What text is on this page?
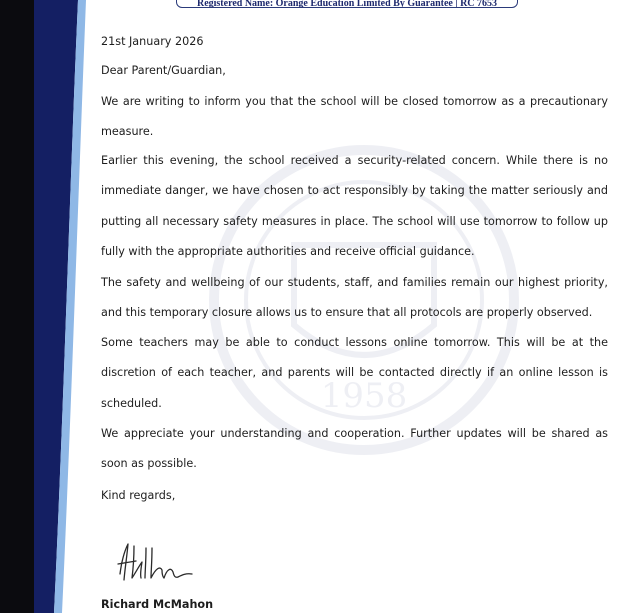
1958
Registered Name: Orange Education Limited By Guarantee | RC 7653

21st January 2026

Dear Parent/Guardian,

We are writing to inform you that the school will be closed tomorrow as a precautionary measure.

Earlier this evening, the school received a security-related concern. While there is no immediate danger, we have chosen to act responsibly by taking the matter seriously and putting all necessary safety measures in place. The school will use tomorrow to follow up fully with the appropriate authorities and receive official guidance.

The safety and wellbeing of our students, staff, and families remain our highest priority, and this temporary closure allows us to ensure that all protocols are properly observed.

Some teachers may be able to conduct lessons online tomorrow. This will be at the discretion of each teacher, and parents will be contacted directly if an online lesson is scheduled.

We appreciate your understanding and cooperation. Further updates will be shared as soon as possible.

Kind regards,

Richard McMahon
